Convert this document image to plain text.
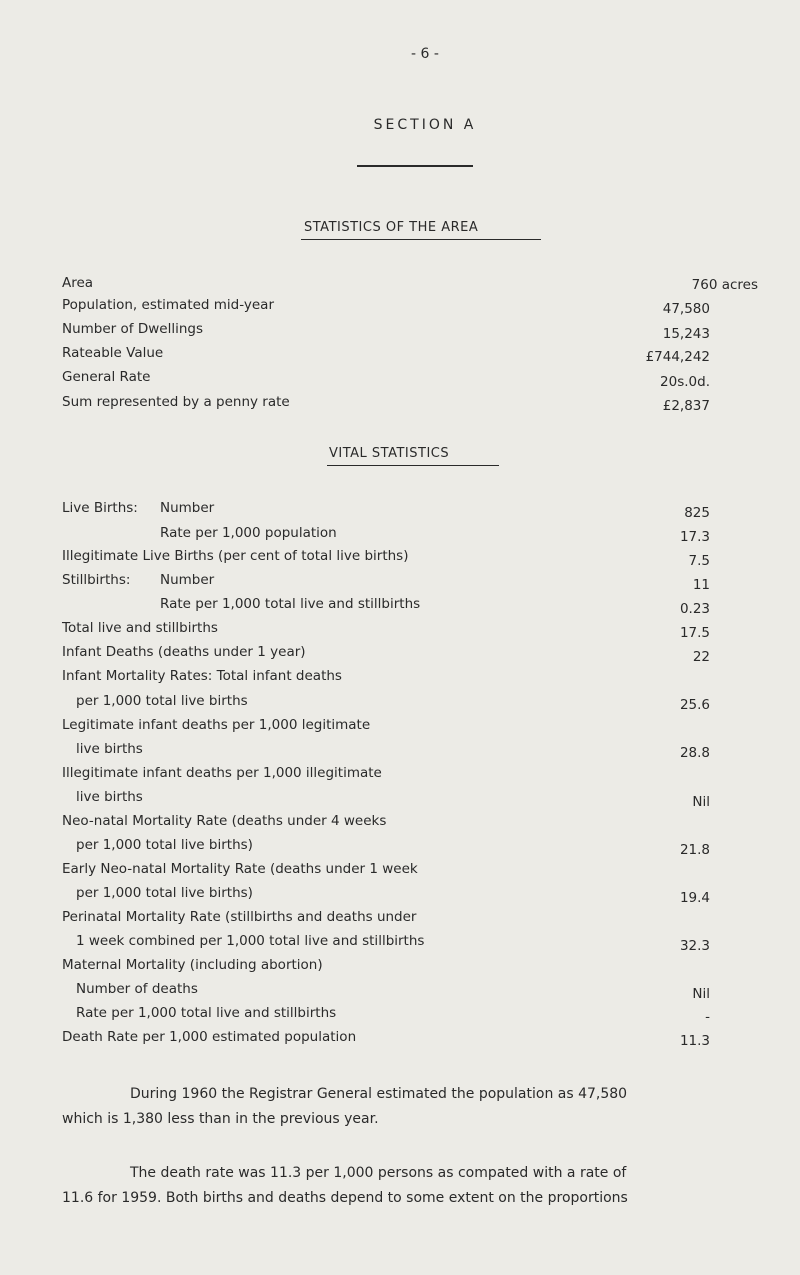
- 6 -
SECTION A
STATISTICS OF THE AREA
Area	760 acres
Population, estimated mid-year	47,580
Number of Dwellings	15,243
Rateable Value	£744,242
General Rate	20s.0d.
Sum represented by a penny rate	£2,837
VITAL STATISTICS
Live Births: Number	825
Rate per 1,000 population	17.3
Illegitimate Live Births (per cent of total live births)	7.5
Stillbirths: Number	11
Rate per 1,000 total live and stillbirths	0.23
Total live and stillbirths	17.5
Infant Deaths (deaths under 1 year)	22
Infant Mortality Rates: Total infant deaths
per 1,000 total live births	25.6
Legitimate infant deaths per 1,000 legitimate
live births	28.8
Illegitimate infant deaths per 1,000 illegitimate
live births	Nil
Neo-natal Mortality Rate (deaths under 4 weeks
per 1,000 total live births)	21.8
Early Neo-natal Mortality Rate (deaths under 1 week
per 1,000 total live births)	19.4
Perinatal Mortality Rate (stillbirths and deaths under
1 week combined per 1,000 total live and stillbirths	32.3
Maternal Mortality (including abortion)
Number of deaths	Nil
Rate per 1,000 total live and stillbirths	-
Death Rate per 1,000 estimated population	11.3
During 1960 the Registrar General estimated the population as 47,580
which is 1,380 less than in the previous year.
The death rate was 11.3 per 1,000 persons as compated with a rate of
11.6 for 1959. Both births and deaths depend to some extent on the proportions
